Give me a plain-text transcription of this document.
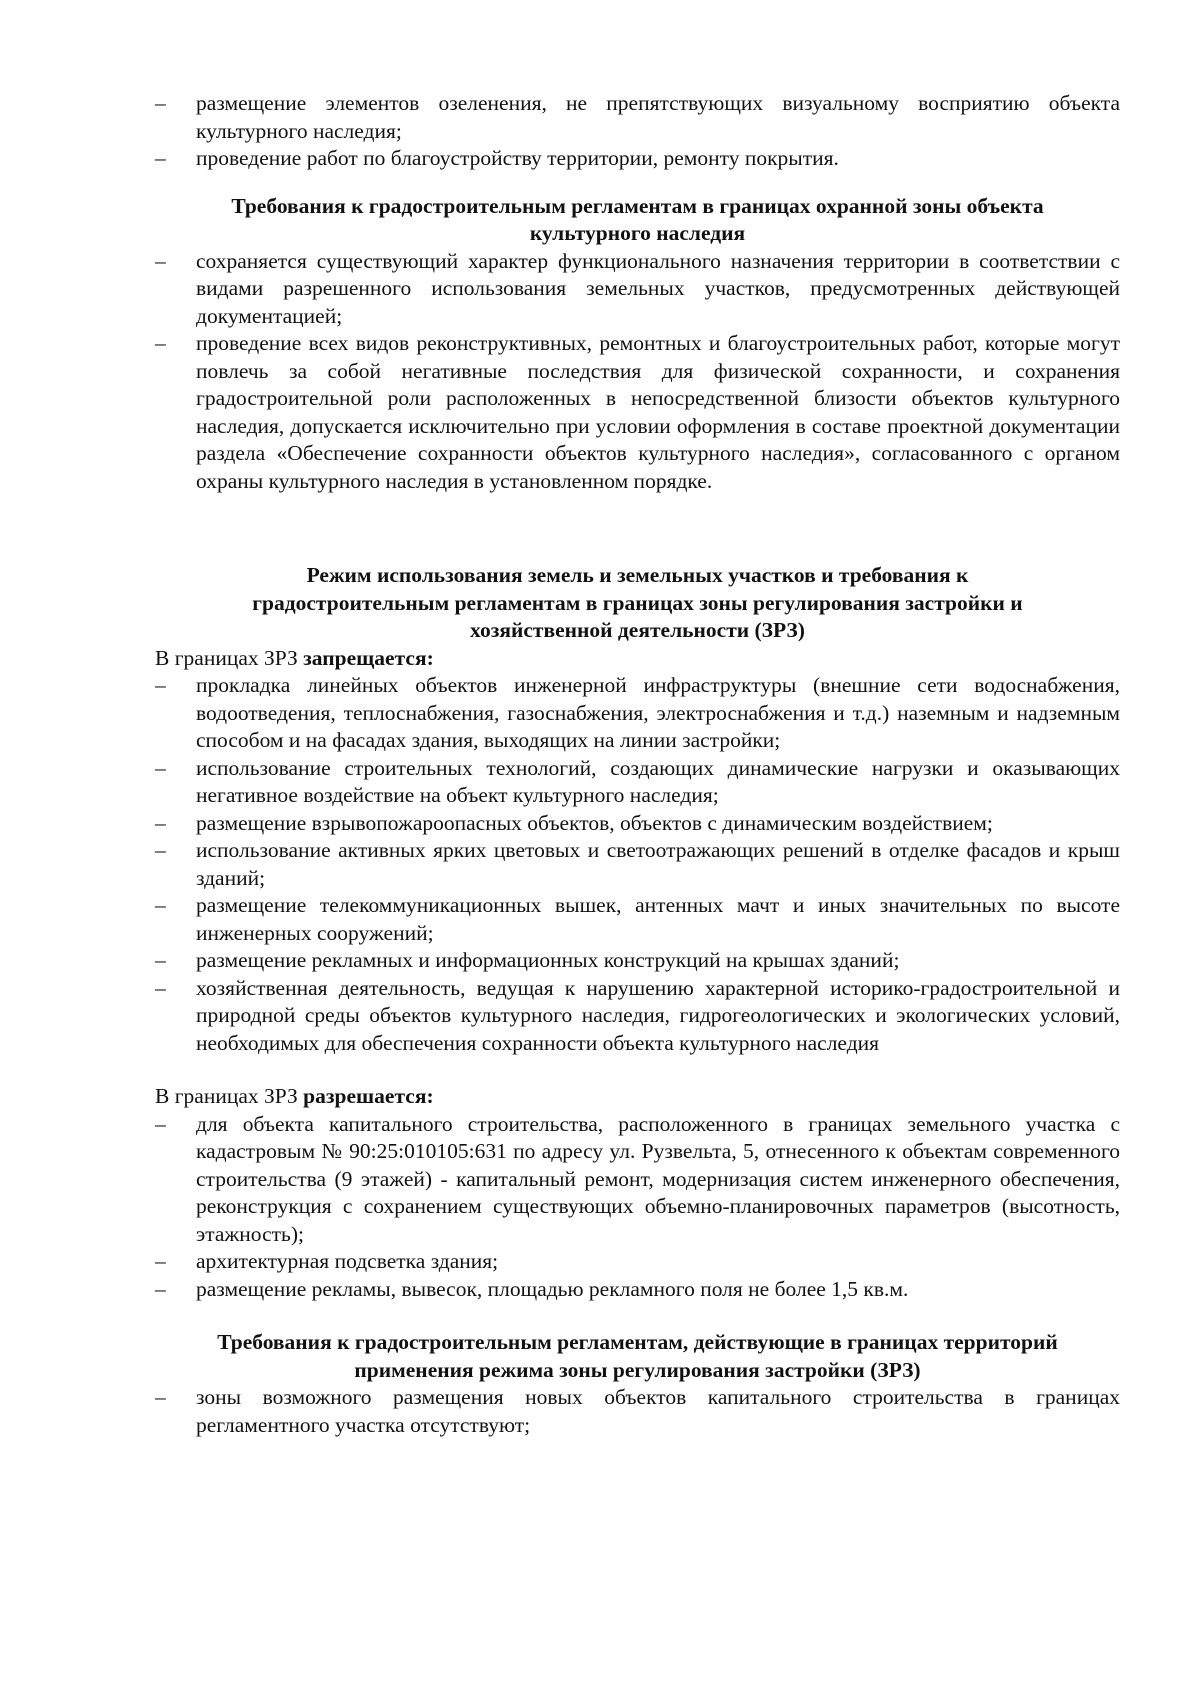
– размещение элементов озеленения, не препятствующих визуальному восприятию объекта культурного наследия;
– проведение работ по благоустройству территории, ремонту покрытия.
Требования к градостроительным регламентам в границах охранной зоны объекта
культурного наследия
– сохраняется существующий характер функционального назначения территории в соответствии с видами разрешенного использования земельных участков, предусмотренных действующей документацией;
– проведение всех видов реконструктивных, ремонтных и благоустроительных работ, которые могут повлечь за собой негативные последствия для физической сохранности, и сохранения градостроительной роли расположенных в непосредственной близости объектов культурного наследия, допускается исключительно при условии оформления в составе проектной документации раздела «Обеспечение сохранности объектов культурного наследия», согласованного с органом охраны культурного наследия в установленном порядке.
Режим использования земель и земельных участков и требования к
градостроительным регламентам в границах зоны регулирования застройки и
хозяйственной деятельности (ЗРЗ)

В границах ЗРЗ запрещается:

– прокладка линейных объектов инженерной инфраструктуры (внешние сети водоснабжения, водоотведения, теплоснабжения, газоснабжения, электроснабжения и т.д.) наземным и надземным способом и на фасадах здания, выходящих на линии застройки;
– использование строительных технологий, создающих динамические нагрузки и оказывающих негативное воздействие на объект культурного наследия;
– размещение взрывопожароопасных объектов, объектов с динамическим воздействием;
– использование активных ярких цветовых и светоотражающих решений в отделке фасадов и крыш зданий;
– размещение телекоммуникационных вышек, антенных мачт и иных значительных по высоте инженерных сооружений;
– размещение рекламных и информационных конструкций на крышах зданий;
– хозяйственная деятельность, ведущая к нарушению характерной историко-градостроительной и природной среды объектов культурного наследия, гидрогеологических и экологических условий, необходимых для обеспечения сохранности объекта культурного наследия

В границах ЗРЗ разрешается:

– для объекта капитального строительства, расположенного в границах земельного участка с кадастровым № 90:25:010105:631 по адресу ул. Рузвельта, 5, отнесенного к объектам современного строительства (9 этажей) - капитальный ремонт, модернизация систем инженерного обеспечения, реконструкция с сохранением существующих объемно-планировочных параметров (высотность, этажность);
– архитектурная подсветка здания;
– размещение рекламы, вывесок, площадью рекламного поля не более 1,5 кв.м.
Требования к градостроительным регламентам, действующие в границах территорий
применения режима зоны регулирования застройки (ЗРЗ)
– зоны возможного размещения новых объектов капитального строительства в границах регламентного участка отсутствуют;
